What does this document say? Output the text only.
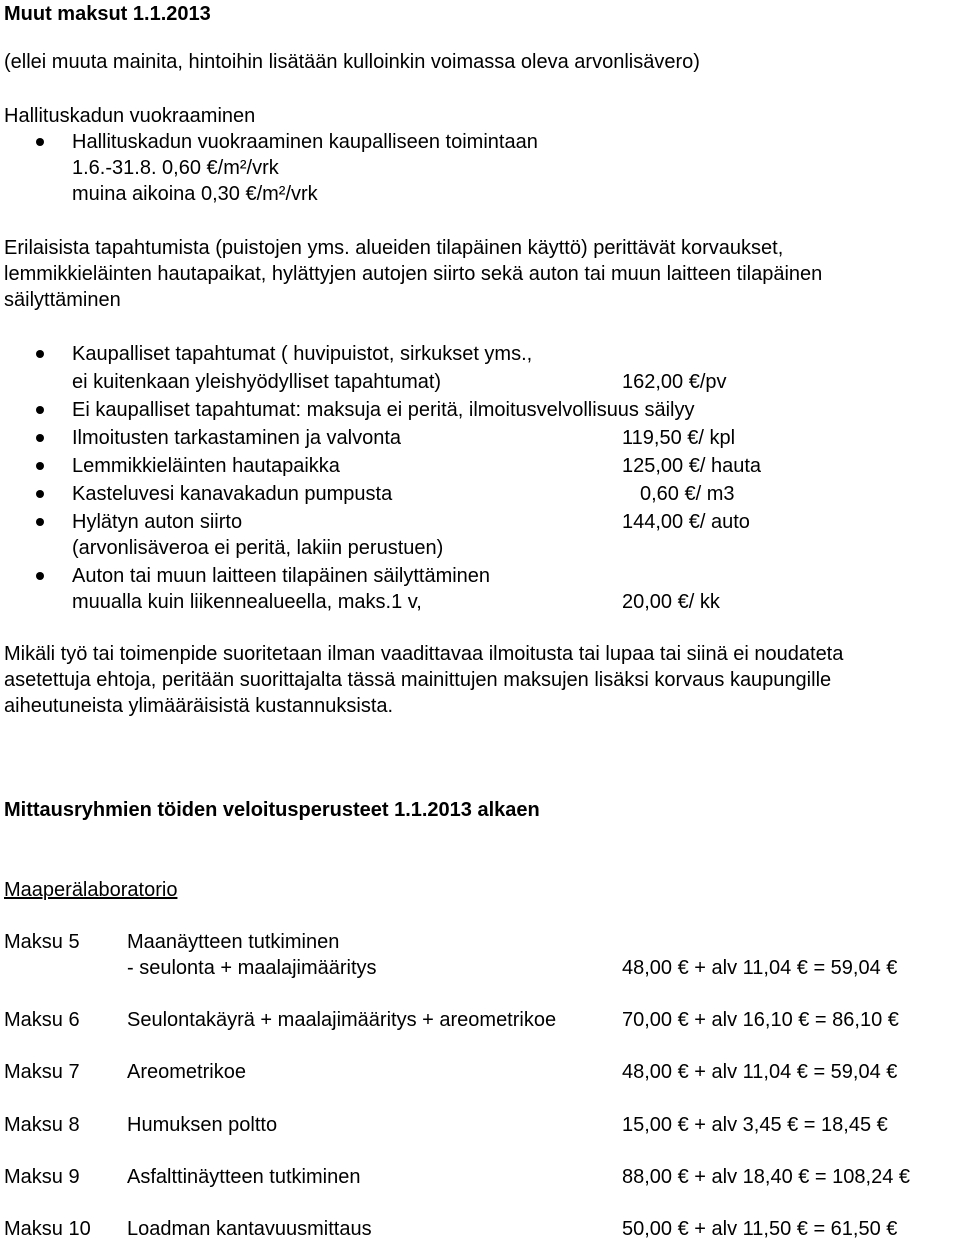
Muut maksut 1.1.2013
(ellei muuta mainita, hintoihin lisätään kulloinkin voimassa oleva arvonlisävero)
Hallituskadun vuokraaminen
Hallituskadun vuokraaminen kaupalliseen toimintaan
1.6.-31.8. 0,60 €/m²/vrk
muina aikoina 0,30 €/m²/vrk
Erilaisista tapahtumista (puistojen yms. alueiden tilapäinen käyttö) perittävät korvaukset,
lemmikkieläinten hautapaikat, hylättyjen autojen siirto sekä auton tai muun laitteen tilapäinen
säilyttäminen
Kaupalliset tapahtumat ( huvipuistot, sirkukset yms.,
ei kuitenkaan yleishyödylliset tapahtumat)	162,00 €/pv
Ei kaupalliset tapahtumat: maksuja ei peritä, ilmoitusvelvollisuus säilyy
Ilmoitusten tarkastaminen ja valvonta	119,50 €/ kpl
Lemmikkieläinten hautapaikka	125,00 €/ hauta
Kasteluvesi kanavakadun pumpusta	0,60 €/ m3
Hylätyn auton siirto	144,00 €/ auto
(arvonlisäveroa ei peritä, lakiin perustuen)
Auton tai muun laitteen tilapäinen säilyttäminen
muualla kuin liikennealueella, maks.1 v,	20,00 €/ kk
Mikäli työ tai toimenpide suoritetaan ilman vaadittavaa ilmoitusta tai lupaa tai siinä ei noudateta
asetettuja ehtoja, peritään suorittajalta tässä mainittujen maksujen lisäksi korvaus kaupungille
aiheutuneista ylimääräisistä kustannuksista.
Mittausryhmien töiden veloitusperusteet 1.1.2013 alkaen
Maaperälaboratorio
Maksu 5 Maanäytteen tutkiminen
- seulonta + maalajimääritys	48,00 € + alv 11,04 € = 59,04 €
Maksu 6 Seulontakäyrä + maalajimääritys + areometrikoe	70,00 € + alv 16,10 € = 86,10 €
Maksu 7 Areometrikoe	48,00 € + alv 11,04 € = 59,04 €
Maksu 8 Humuksen poltto	15,00 € + alv 3,45 € = 18,45 €
Maksu 9 Asfalttinäytteen tutkiminen	88,00 € + alv 18,40 € = 108,24 €
Maksu 10 Loadman kantavuusmittaus	50,00 € + alv 11,50 € = 61,50 €
